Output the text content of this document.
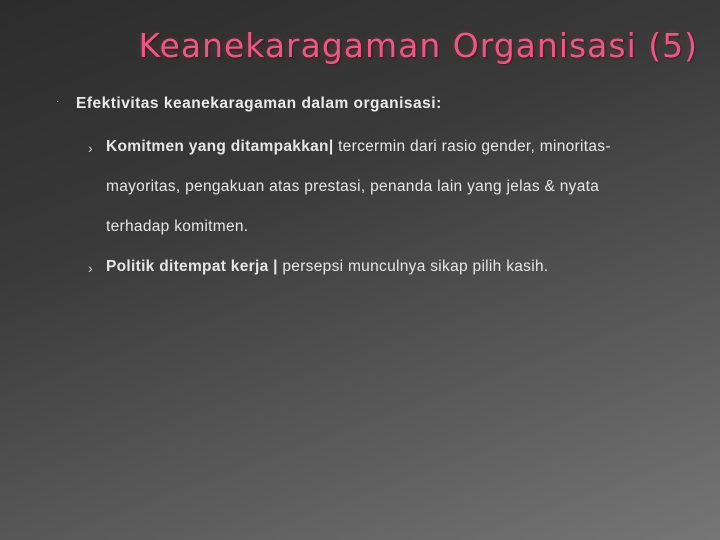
Keanekaragaman Organisasi (5)
· Efektivitas keanekaragaman dalam organisasi:
› Komitmen yang ditampakkan| tercermin dari rasio gender, minoritas-
mayoritas, pengakuan atas prestasi, penanda lain yang jelas & nyata
terhadap komitmen.
› Politik ditempat kerja | persepsi munculnya sikap pilih kasih.
